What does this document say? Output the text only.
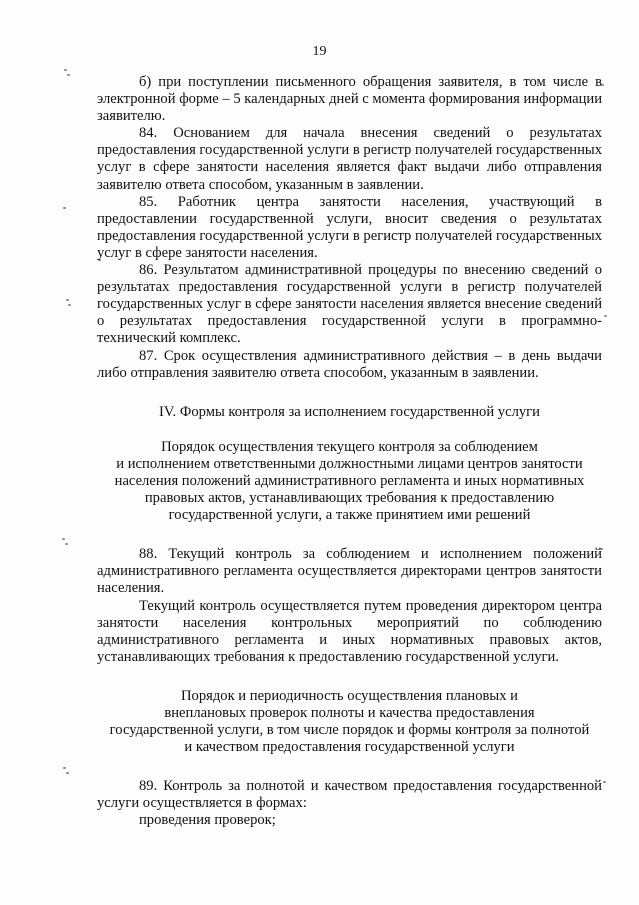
19

б) при поступлении письменного обращения заявителя, в том числе в электронной форме – 5 календарных дней с момента формирования информации заявителю.

84. Основанием для начала внесения сведений о результатах предоставления государственной услуги в регистр получателей государственных услуг в сфере занятости населения является факт выдачи либо отправления заявителю ответа способом, указанным в заявлении.

85. Работник центра занятости населения, участвующий в предоставлении государственной услуги, вносит сведения о результатах предоставления государственной услуги в регистр получателей государственных услуг в сфере занятости населения.

86. Результатом административной процедуры по внесению сведений о результатах предоставления государственной услуги в регистр получателей государственных услуг в сфере занятости населения является внесение сведений о результатах предоставления государственной услуги в программно-технический комплекс.

87. Срок осуществления административного действия – в день выдачи либо отправления заявителю ответа способом, указанным в заявлении.

IV. Формы контроля за исполнением государственной услуги

Порядок осуществления текущего контроля за соблюдением

и исполнением ответственными должностными лицами центров занятости

населения положений административного регламента и иных нормативных

правовых актов, устанавливающих требования к предоставлению

государственной услуги, а также принятием ими решений

88. Текущий контроль за соблюдением и исполнением положений административного регламента осуществляется директорами центров занятости населения.

Текущий контроль осуществляется путем проведения директором центра занятости населения контрольных мероприятий по соблюдению административного регламента и иных нормативных правовых актов, устанавливающих требования к предоставлению государственной услуги.

Порядок и периодичность осуществления плановых и

внеплановых проверок полноты и качества предоставления

государственной услуги, в том числе порядок и формы контроля за полнотой

и качеством предоставления государственной услуги

89. Контроль за полнотой и качеством предоставления государственной услуги осуществляется в формах:

проведения проверок;
